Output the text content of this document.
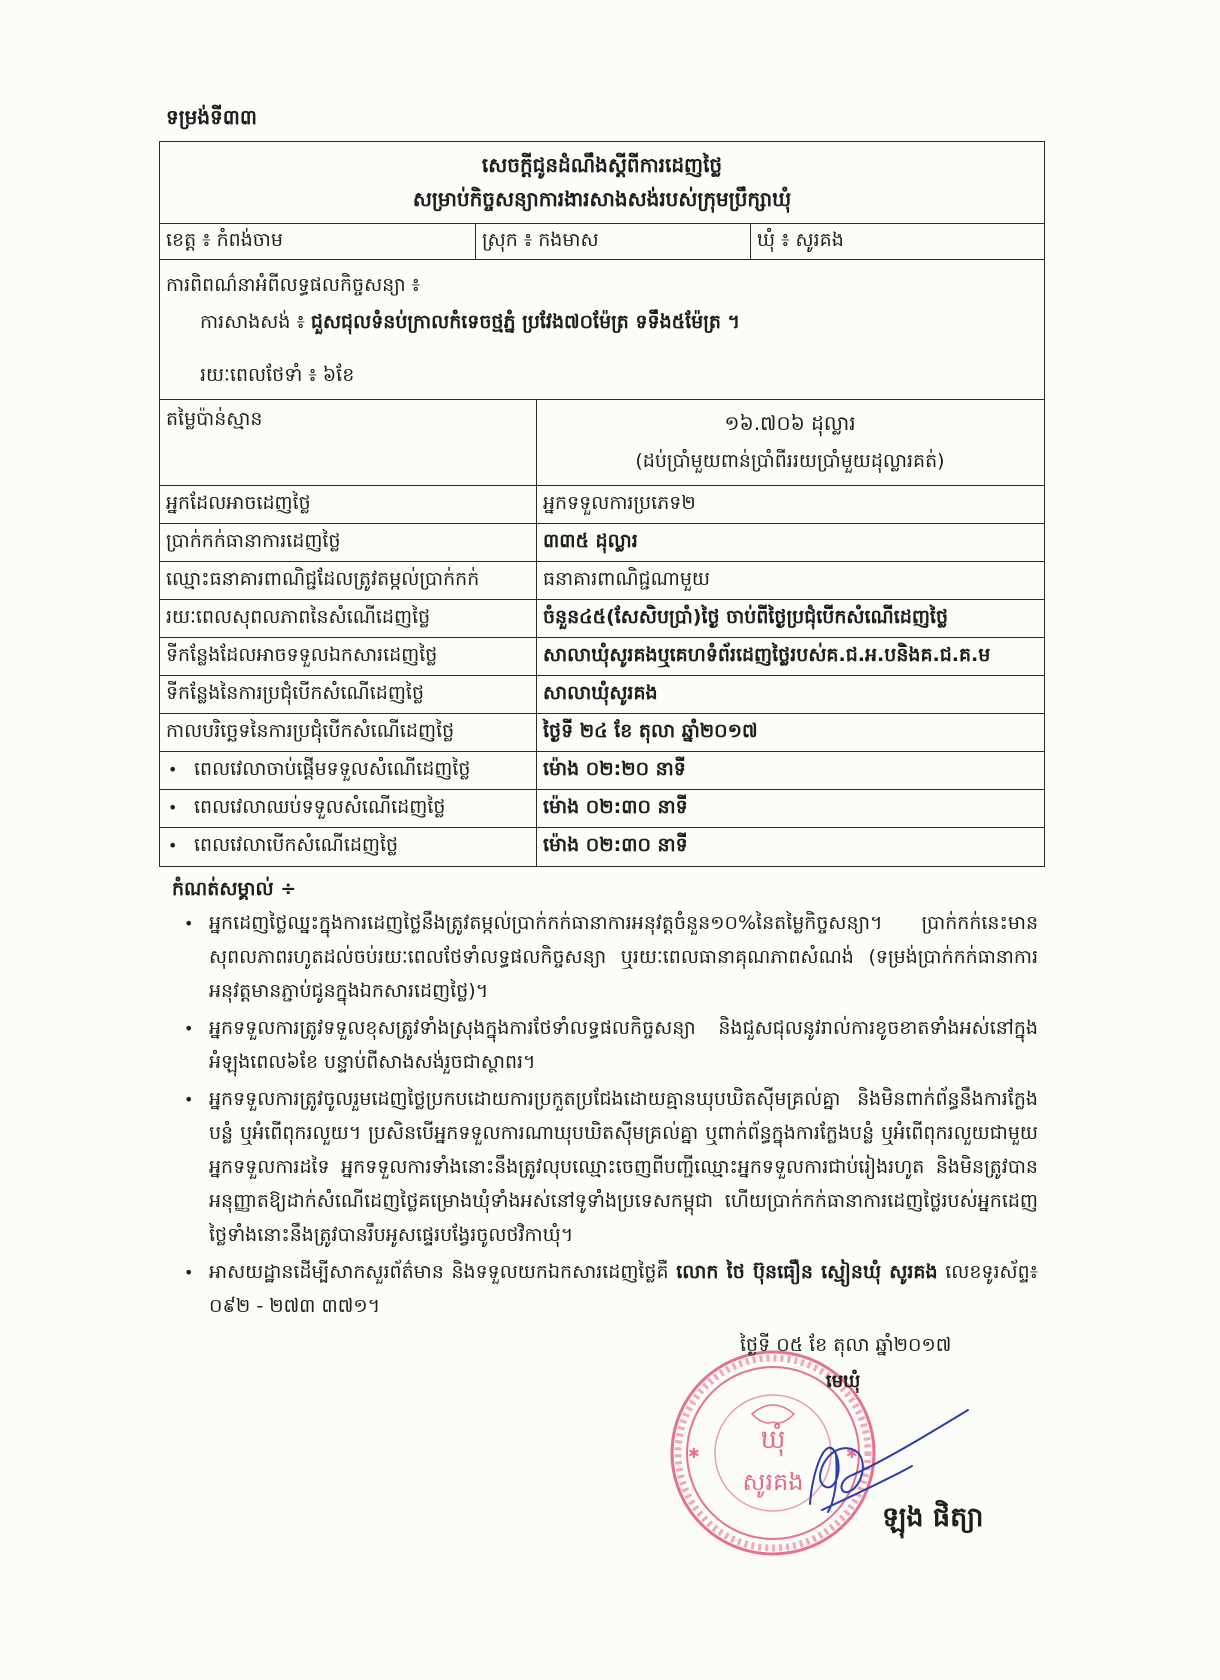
ទម្រង់ទី៣៣
សេចក្តីជូនដំណឹងស្តីពីការដេញថ្លៃ
សម្រាប់កិច្ចសន្យាការងារសាងសង់របស់ក្រុមប្រឹក្សាឃុំ
ខេត្ត ៖ កំពង់ចាម	ស្រុក ៖ កងមាស	ឃុំ ៖ សូរគង
ការពិពណ៌នាអំពីលទ្ធផលកិច្ចសន្យា ៖
ការសាងសង់ ៖ ជួសជុលទំនប់ក្រាលកំទេចថ្មភ្នំ ប្រវែង៧០ម៉ែត្រ ទទឹង៥ម៉ែត្រ ។
រយៈពេលថែទាំ ៖ ៦ខែ
តម្លៃប៉ាន់ស្មាន	១៦.៧០៦ ដុល្លារ
(ដប់ប្រាំមួយពាន់ប្រាំពីររយប្រាំមួយដុល្លារគត់)
អ្នកដែលអាចដេញថ្លៃ	អ្នកទទួលការប្រភេទ២
ប្រាក់កក់ធានាការដេញថ្លៃ	៣៣៥ ដុល្លារ
ឈ្មោះធនាគារពាណិជ្ជដែលត្រូវតម្កល់ប្រាក់កក់	ធនាគារពាណិជ្ជណាមួយ
រយៈពេលសុពលភាពនៃសំណើដេញថ្លៃ	ចំនួន៤៥(សែសិបប្រាំ)ថ្ងៃ ចាប់ពីថ្ងៃប្រជុំបើកសំណើដេញថ្លៃ
ទីកន្លែងដែលអាចទទួលឯកសារដេញថ្លៃ	សាលាឃុំសូរគងឬគេហទំព័រដេញថ្លៃរបស់គ.ជ.អ.បនិងគ.ជ.គ.ម
ទីកន្លែងនៃការប្រជុំបើកសំណើដេញថ្លៃ	សាលាឃុំសូរគង
កាលបរិច្ឆេទនៃការប្រជុំបើកសំណើដេញថ្លៃ	ថ្ងៃទី ២៤ ខែ តុលា ឆ្នាំ២០១៧
•ពេលវេលាចាប់ផ្តើមទទួលសំណើដេញថ្លៃ	ម៉ោង ០២:២០ នាទី
•ពេលវេលាឈប់ទទួលសំណើដេញថ្លៃ	ម៉ោង ០២:៣០ នាទី
•ពេលវេលាបើកសំណើដេញថ្លៃ	ម៉ោង ០២:៣០ នាទី
កំណត់សម្គាល់ ÷
•
អ្នកដេញថ្លៃឈ្នះក្នុងការដេញថ្លៃនឹងត្រូវតម្កល់ប្រាក់កក់ធានាការអនុវត្តចំនួន១០%នៃតម្លៃកិច្ចសន្យា។ ប្រាក់កក់នេះមានសុពលភាពរហូតដល់ចប់រយៈពេលថែទាំលទ្ធផលកិច្ចសន្យា ឬរយៈពេលធានាគុណភាពសំណង់ (ទម្រង់ប្រាក់កក់ធានាការអនុវត្តមានភ្ជាប់ជូនក្នុងឯកសារដេញថ្លៃ)។
•
អ្នកទទួលការត្រូវទទួលខុសត្រូវទាំងស្រុងក្នុងការថែទាំលទ្ធផលកិច្ចសន្យា និងជួសជុលនូវរាល់ការខូចខាតទាំងអស់នៅក្នុងអំឡុងពេល៦ខែ បន្ទាប់ពីសាងសង់រួចជាស្ថាពរ។
•
អ្នកទទួលការត្រូវចូលរួមដេញថ្លៃប្រកបដោយការប្រកួតប្រជែងដោយគ្មានឃុបឃិតស៊ីមគ្រល់គ្នា និងមិនពាក់ព័ន្ធនឹងការក្លែងបន្លំ ឬអំពើពុករលួយ។ ប្រសិនបើអ្នកទទួលការណាឃុបឃិតស៊ីមគ្រល់គ្នា ឬពាក់ព័ន្ធក្នុងការក្លែងបន្លំ ឬអំពើពុករលួយជាមួយអ្នកទទួលការដទៃ អ្នកទទួលការទាំងនោះនឹងត្រូវលុបឈ្មោះចេញពីបញ្ជីឈ្មោះអ្នកទទួលការជាប់រៀងរហូត និងមិនត្រូវបានអនុញ្ញាតឱ្យដាក់សំណើដេញថ្លៃគម្រោងឃុំទាំងអស់នៅទូទាំងប្រទេសកម្ពុជា ហើយប្រាក់កក់ធានាការដេញថ្លៃរបស់អ្នកដេញថ្លៃទាំងនោះនឹងត្រូវបានរឹបអូសផ្ទេរបង្វែរចូលថវិកាឃុំ។
•
អាសយដ្ឋានដើម្បីសាកសួរព័ត៌មាន និងទទួលយកឯកសារដេញថ្លៃគឺ លោក ថៃ ប៊ុនធឿន ស្មៀនឃុំ សូរគង លេខទូរស័ព្ទ៖ ០៩២ - ២៧៣ ៣៧១។
✱	✱
ឃុំ
សូរគង
ថ្ងៃទី ០៥ ខែ តុលា ឆ្នាំ២០១៧
មេឃុំ
ឡុង ផិត្យា
